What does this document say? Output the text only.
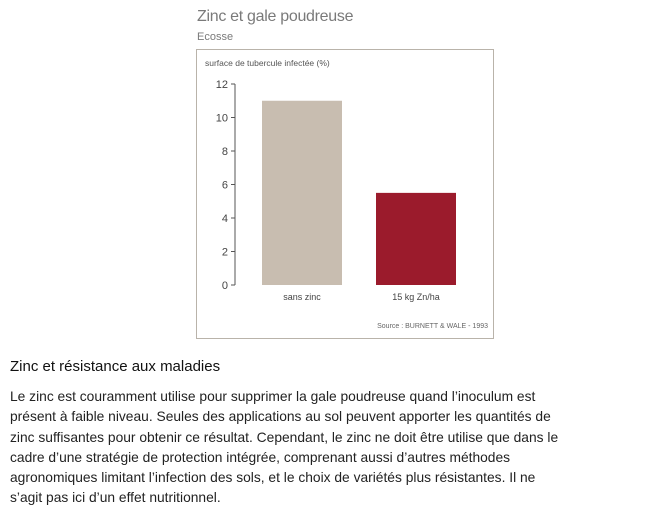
Zinc et gale poudreuse
Ecosse
surface de tubercule infectée (%)
0
2
4
6
8
10
12
sans zinc	15 kg Zn/ha
Source : BURNETT & WALE - 1993
Zinc et résistance aux maladies

Le zinc est couramment utilise pour supprimer la gale poudreuse quand l’inoculum est
présent à faible niveau. Seules des applications au sol peuvent apporter les quantités de
zinc suffisantes pour obtenir ce résultat. Cependant, le zinc ne doit être utilise que dans le
cadre d’une stratégie de protection intégrée, comprenant aussi d’autres méthodes
agronomiques limitant l’infection des sols, et le choix de variétés plus résistantes. Il ne
s’agit pas ici d’un effet nutritionnel.
